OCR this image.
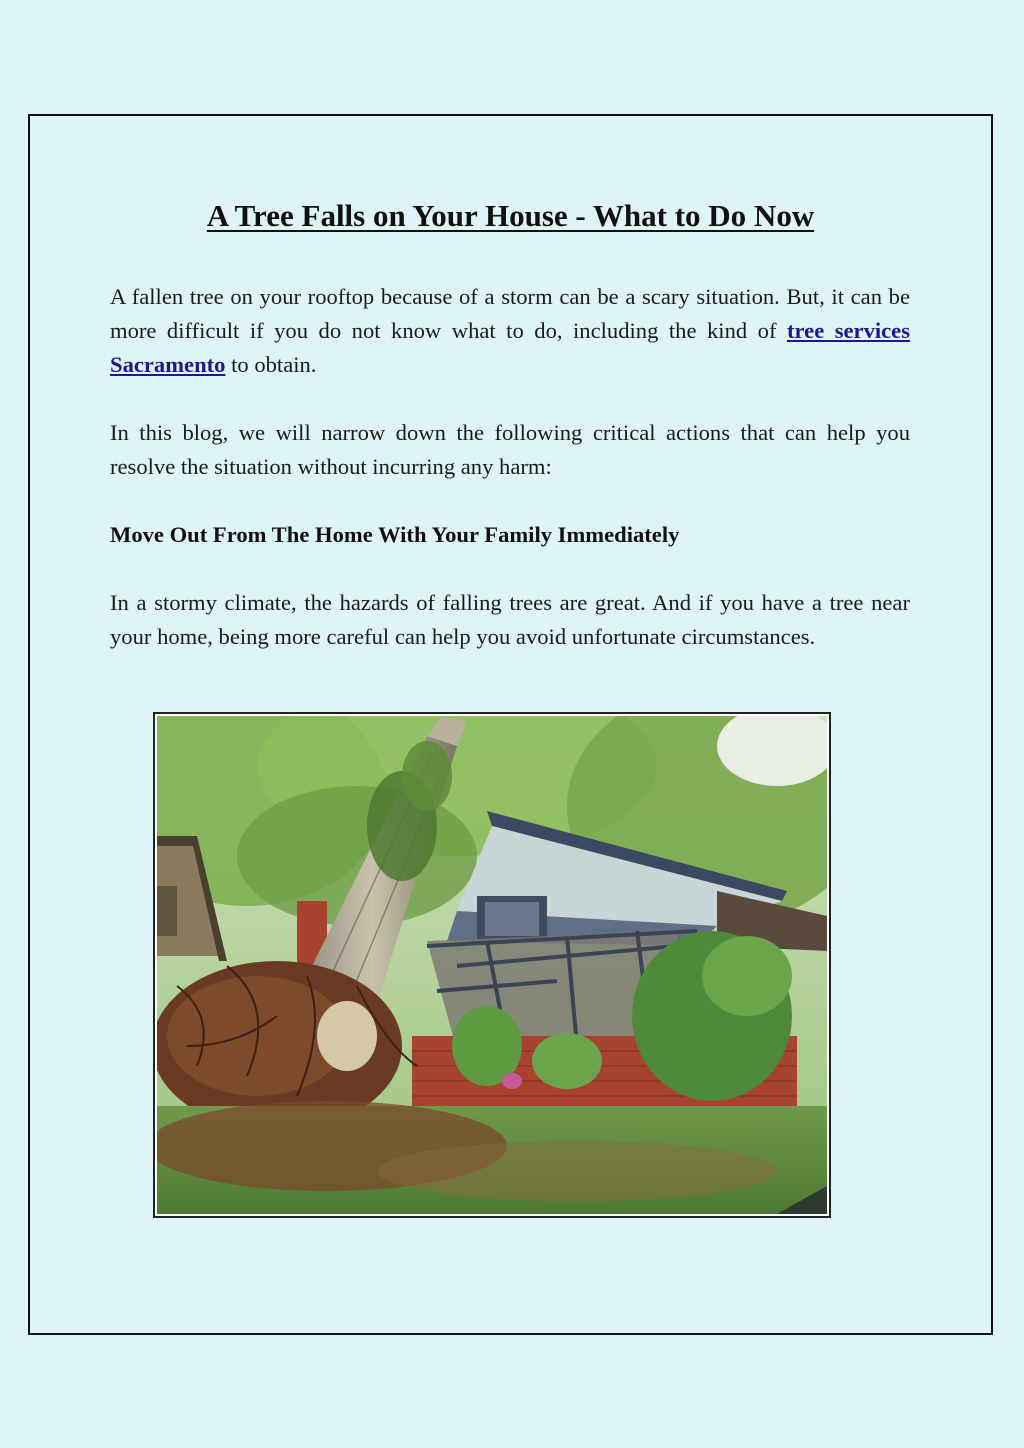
A Tree Falls on Your House - What to Do Now

A fallen tree on your rooftop because of a storm can be a scary situation. But, it can be more difficult if you do not know what to do, including the kind of tree services Sacramento to obtain.

In this blog, we will narrow down the following critical actions that can help you resolve the situation without incurring any harm:

Move Out From The Home With Your Family Immediately

In a stormy climate, the hazards of falling trees are great. And if you have a tree near your home, being more careful can help you avoid unfortunate circumstances.
